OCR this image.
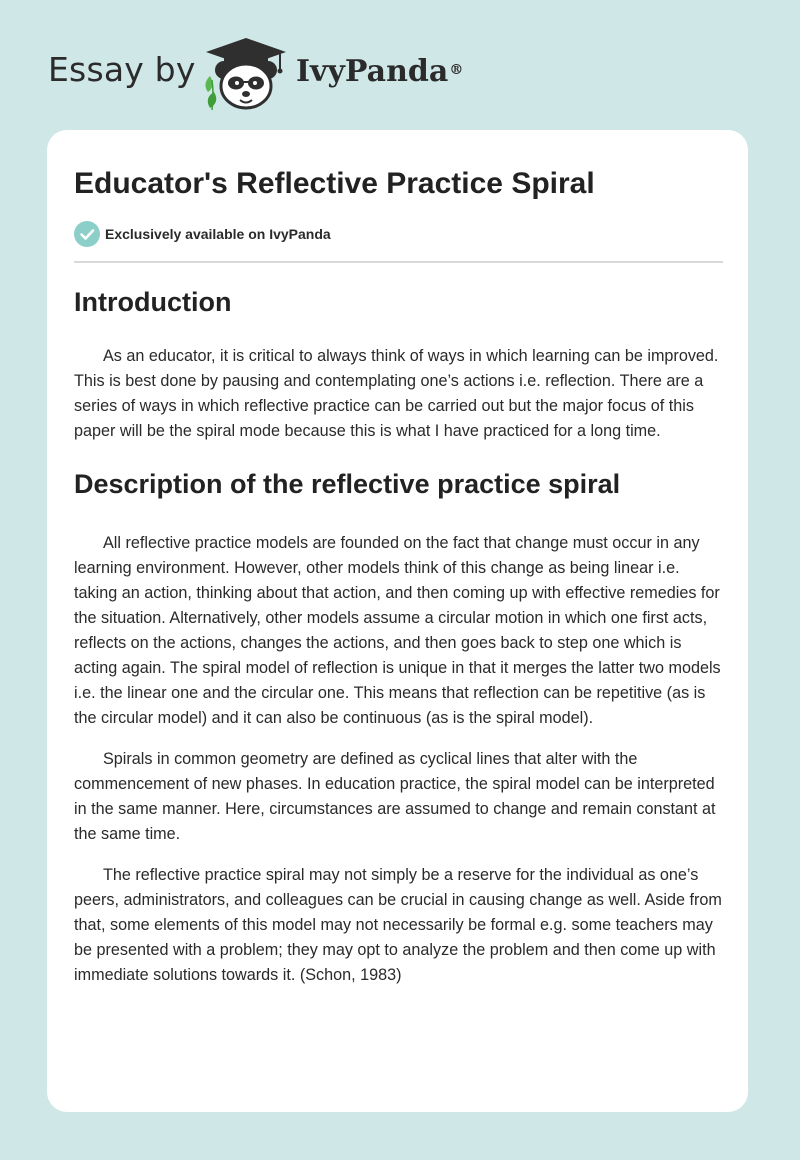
Essay by	IvyPanda®
Educator's Reflective Practice Spiral
Exclusively available on IvyPanda
Introduction

As an educator, it is critical to always think of ways in which learning can be improved. This is best done by pausing and contemplating one’s actions i.e. reflection. There are a series of ways in which reflective practice can be carried out but the major focus of this paper will be the spiral mode because this is what I have practiced for a long time.

Description of the reflective practice spiral

All reflective practice models are founded on the fact that change must occur in any learning environment. However, other models think of this change as being linear i.e. taking an action, thinking about that action, and then coming up with effective remedies for the situation. Alternatively, other models assume a circular motion in which one first acts, reflects on the actions, changes the actions, and then goes back to step one which is acting again. The spiral model of reflection is unique in that it merges the latter two models i.e. the linear one and the circular one. This means that reflection can be repetitive (as is the circular model) and it can also be continuous (as is the spiral model).

Spirals in common geometry are defined as cyclical lines that alter with the commencement of new phases. In education practice, the spiral model can be interpreted in the same manner. Here, circumstances are assumed to change and remain constant at the same time.

The reflective practice spiral may not simply be a reserve for the individual as one’s peers, administrators, and colleagues can be crucial in causing change as well. Aside from that, some elements of this model may not necessarily be formal e.g. some teachers may be presented with a problem; they may opt to analyze the problem and then come up with immediate solutions towards it. (Schon, 1983)
